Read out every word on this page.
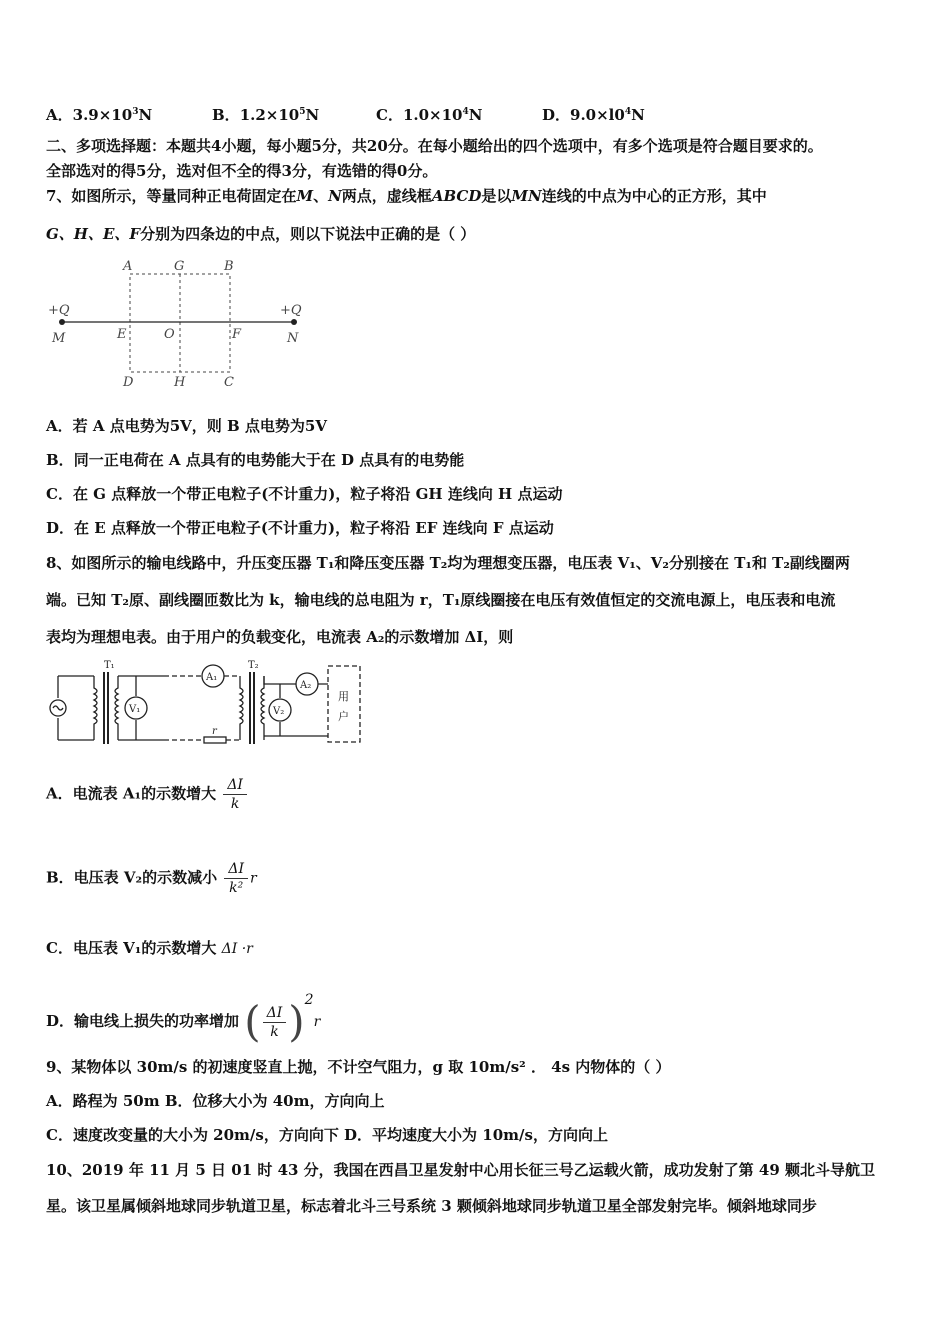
A．$3.9\times 10^3N$	B．$1.2\times 10^5N$	C．$1.0\times 10^4N$	D．$9.0\times l0^4N$
二、多项选择题：本题共4小题，每小题5分，共20分。在每小题给出的四个选项中，有多个选项是符合题目要求的。
全部选对的得5分，选对但不全的得3分，有选错的得0分。
7、如图所示，等量同种正电荷固定在M、N两点，虚线框ABCD是以MN连线的中点为中心的正方形，其中
G、H、E、F分别为四条边的中点，则以下说法中正确的是（ ）
A	G	B
+Q
M	E	O	F
+Q
N
D	H	C
A．若 A 点电势为5V，则 B 点电势为5V
B．同一正电荷在 A 点具有的电势能大于在 D 点具有的电势能
C．在 G 点释放一个带正电粒子(不计重力)，粒子将沿 GH 连线向 H 点运动
D．在 E 点释放一个带正电粒子(不计重力)，粒子将沿 EF 连线向 F 点运动
8、如图所示的输电线路中，升压变压器 T₁和降压变压器 T₂均为理想变压器，电压表 V₁、V₂分别接在 T₁和 T₂副线圈两
端。已知 T₂原、副线圈匝数比为 k，输电线的总电阻为 r，T₁原线圈接在电压有效值恒定的交流电源上，电压表和电流
表均为理想电表。由于用户的负载变化，电流表 A₂的示数增加 ΔI，则
T₁	T₂
A₁
A₂
V₁	V₂
r
用
户
A．电流表 A₁的示数增大 $\frac{\Delta I}{k}$
B．电压表 V₂的示数减小 $\frac{\Delta I}{\text{k²}}$ r
C．电压表 V₁的示数增大 ΔI ·r
D．输电线上损失的功率增加 ( $\frac{\Delta I}{k} )^2r$
9、某物体以 30m/s 的初速度竖直上抛，不计空气阻力，g 取 10m/s² ． 4s 内物体的（ ）
A．路程为 50m B．位移大小为 40m，方向向上
C．速度改变量的大小为 20m/s，方向向下 D．平均速度大小为 10m/s，方向向上
10、2019 年 11 月 5 日 01 时 43 分，我国在西昌卫星发射中心用长征三号乙运载火箭，成功发射了第 49 颗北斗导航卫
星。该卫星属倾斜地球同步轨道卫星，标志着北斗三号系统 3 颗倾斜地球同步轨道卫星全部发射完毕。倾斜地球同步
